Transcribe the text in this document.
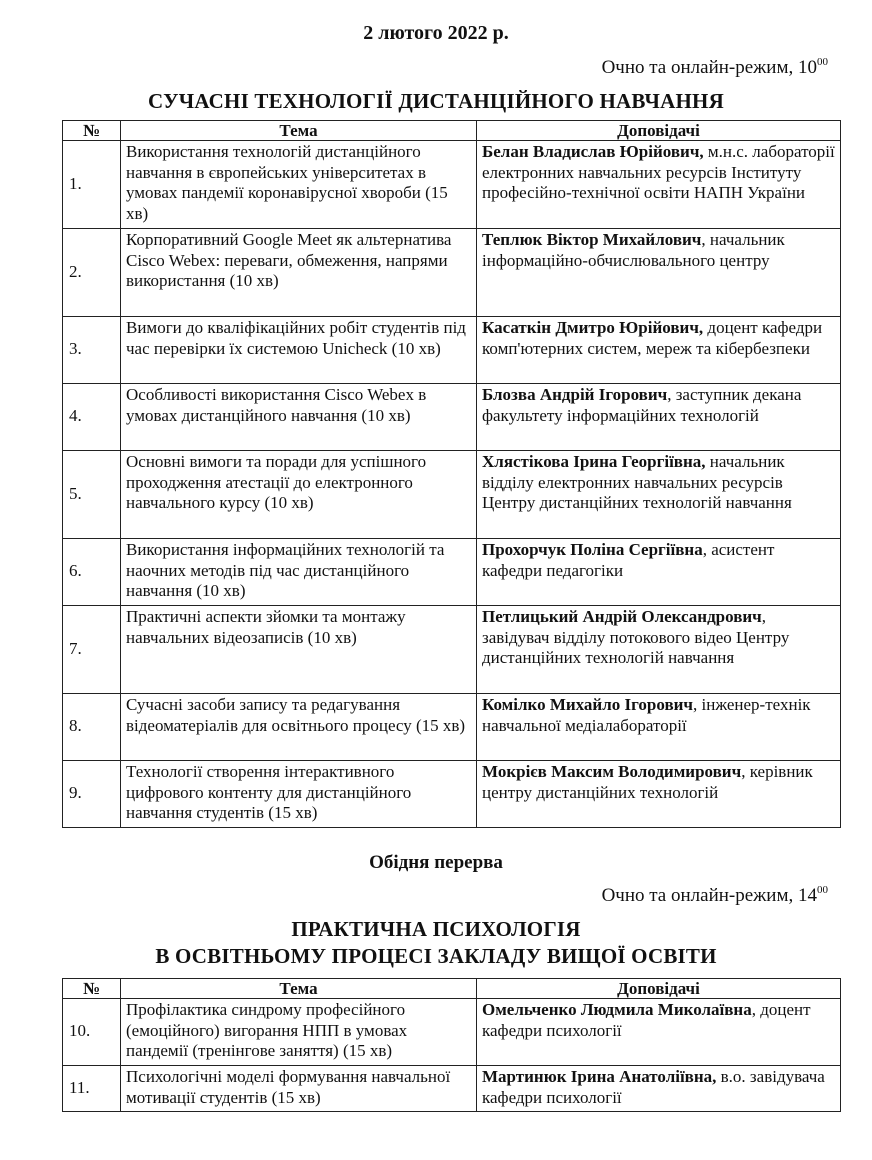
2 лютого 2022 р.
Очно та онлайн-режим, $10^{00}$
СУЧАСНІ ТЕХНОЛОГІЇ ДИСТАНЦІЙНОГО НАВЧАННЯ
№	Тема	Доповідачі
1.	Використання технологій дистанційного навчання в європейських університетах в умовах пандемії коронавірусної хвороби (15 хв)	Белан Владислав Юрійович, м.н.с. лабораторії електронних навчальних ресурсів Інституту професійно-технічної освіти НАПН України
2.	Корпоративний Google Meet як альтернатива Cisco Webex: переваги, обмеження, напрями використання (10 хв)	Теплюк Віктор Михайлович, начальник інформаційно-обчислювального центру
3.	Вимоги до кваліфікаційних робіт студентів під час перевірки їх системою Unicheck (10 хв)	Касаткін Дмитро Юрійович, доцент кафедри комп'ютерних систем, мереж та кібербезпеки
4.	Особливості використання Cisco Webex в умовах дистанційного навчання (10 хв)	Блозва Андрій Ігорович, заступник декана факультету інформаційних технологій
5.	Основні вимоги та поради для успішного проходження атестації до електронного навчального курсу (10 хв)	Хлястікова Ірина Георгіївна, начальник відділу електронних навчальних ресурсів Центру дистанційних технологій навчання
6.	Використання інформаційних технологій та наочних методів під час дистанційного навчання (10 хв)	Прохорчук Поліна Сергіївна, асистент кафедри педагогіки
7.	Практичні аспекти зйомки та монтажу навчальних відеозаписів (10 хв)	Петлицький Андрій Олександрович, завідувач відділу потокового відео Центру дистанційних технологій навчання
8.	Сучасні засоби запису та редагування відеоматеріалів для освітнього процесу (15 хв)	Комілко Михайло Ігорович, інженер-технік навчальної медіалабораторії
9.	Технології створення інтерактивного цифрового контенту для дистанційного навчання студентів (15 хв)	Мокрієв Максим Володимирович, керівник центру дистанційних технологій
Обідня перерва
Очно та онлайн-режим, $14^{00}$
ПРАКТИЧНА ПСИХОЛОГІЯ
В ОСВІТНЬОМУ ПРОЦЕСІ ЗАКЛАДУ ВИЩОЇ ОСВІТИ
№	Тема	Доповідачі
10.	Профілактика синдрому професійного (емоційного) вигорання НПП в умовах пандемії (тренінгове заняття) (15 хв)	Омельченко Людмила Миколаївна, доцент кафедри психології
11.	Психологічні моделі формування навчальної мотивації студентів (15 хв)	Мартинюк Ірина Анатоліївна, в.о. завідувача кафедри психології
